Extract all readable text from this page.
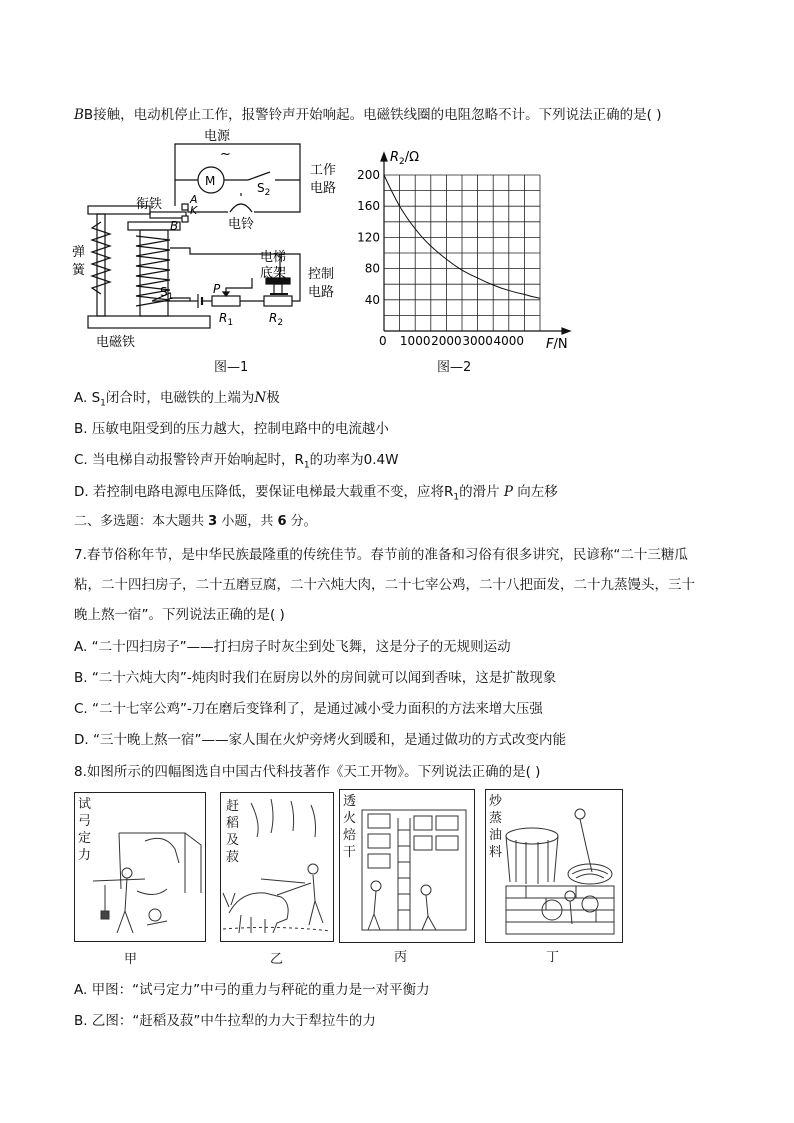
BB接触，电动机停止工作，报警铃声开始响起。电磁铁线圈的电阻忽略不计。下列说法正确的是( )
电源
~
M
工作
电路
$S_2$
A
K
B	电铃
衔铁
弹
簧
电梯
底架 控制
电路
$S_1$
P
$R_1$	$R_2$
电磁铁
图—1
200
160
120
80
40
1000 2000 3000 4000
$R_2/\Omega$
F/N
0
图—2
A. $S_1$闭合时，电磁铁的上端为N极
B. 压敏电阻受到的压力越大，控制电路中的电流越小
C. 当电梯自动报警铃声开始响起时，$R_1$的功率为0.4W
D. 若控制电路电源电压降低，要保证电梯最大载重不变，应将$R_1$的滑片 P 向左移
二、多选题：本大题共 3 小题，共 6 分。
7.春节俗称年节，是中华民族最隆重的传统佳节。春节前的准备和习俗有很多讲究，民谚称“二十三糖瓜
粘，二十四扫房子，二十五磨豆腐，二十六炖大肉，二十七宰公鸡，二十八把面发，二十九蒸馒头，三十
晚上熬一宿”。下列说法正确的是( )
A. “二十四扫房子”——打扫房子时灰尘到处飞舞，这是分子的无规则运动
B. “二十六炖大肉”-炖肉时我们在厨房以外的房间就可以闻到香味，这是扩散现象
C. “二十七宰公鸡”-刀在磨后变锋利了，是通过减小受力面积的方法来增大压强
D. “三十晚上熬一宿”——家人围在火炉旁烤火到暖和，是通过做功的方式改变内能
8.如图所示的四幅图选自中国古代科技著作《天工开物》。下列说法正确的是( )
试弓定力
赶稻及菽
透火焙干
炒蒸油料
甲	乙	丙	丁
A. 甲图：“试弓定力”中弓的重力与秤砣的重力是一对平衡力
B. 乙图：“赶稻及菽”中牛拉犁的力大于犁拉牛的力
